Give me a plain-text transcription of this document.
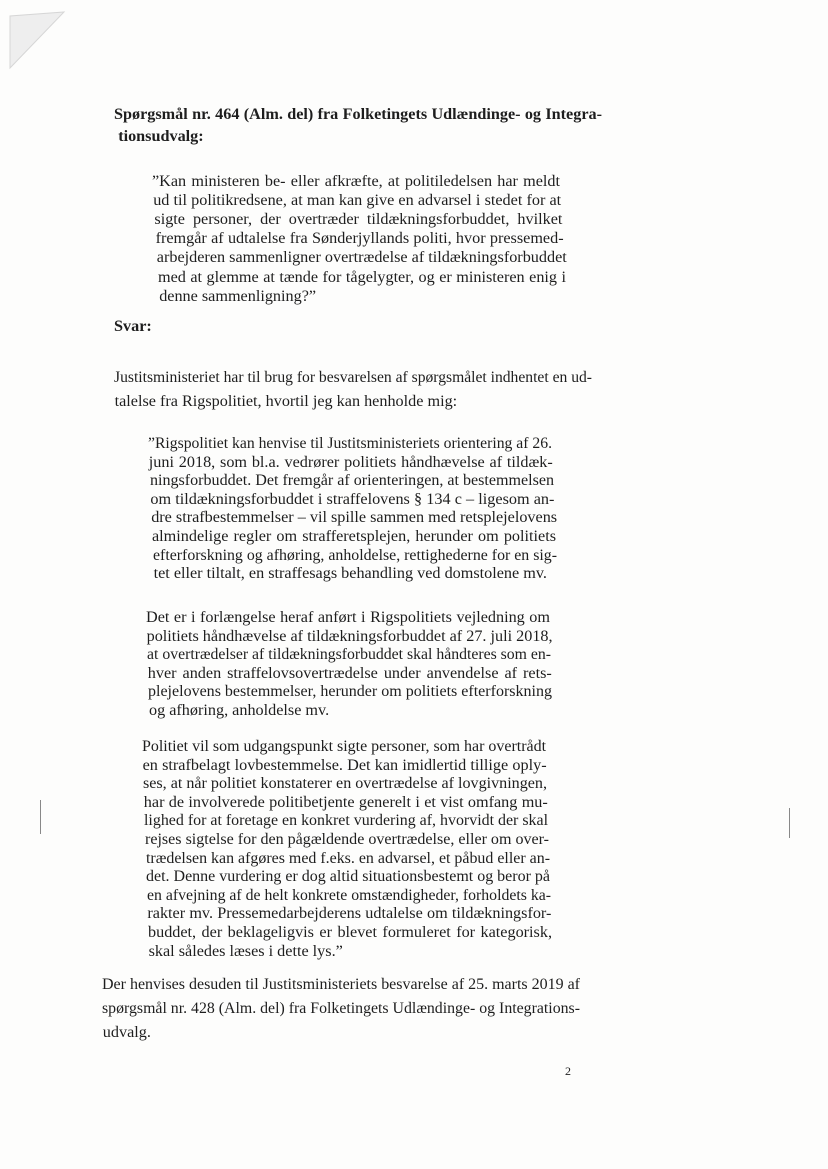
Svar:
Spørgsmål nr. 464 (Alm. del) fra Folketingets Udlændinge- og Integra-
tionsudvalg:
”Kan ministeren be- eller afkræfte, at politiledelsen har meldt
ud til politikredsene, at man kan give en advarsel i stedet for at
sigte personer, der overtræder tildækningsforbuddet, hvilket
fremgår af udtalelse fra Sønderjyllands politi, hvor pressemed-
arbejderen sammenligner overtrædelse af tildækningsforbuddet
med at glemme at tænde for tågelygter, og er ministeren enig i
denne sammenligning?”
Justitsministeriet har til brug for besvarelsen af spørgsmålet indhentet en ud-
talelse fra Rigspolitiet, hvortil jeg kan henholde mig:
”Rigspolitiet kan henvise til Justitsministeriets orientering af 26.
juni 2018, som bl.a. vedrører politiets håndhævelse af tildæk-
ningsforbuddet. Det fremgår af orienteringen, at bestemmelsen
om tildækningsforbuddet i straffelovens § 134 c – ligesom an-
dre strafbestemmelser – vil spille sammen med retsplejelovens
almindelige regler om strafferetsplejen, herunder om politiets
efterforskning og afhøring, anholdelse, rettighederne for en sig-
tet eller tiltalt, en straffesags behandling ved domstolene mv.
Det er i forlængelse heraf anført i Rigspolitiets vejledning om
politiets håndhævelse af tildækningsforbuddet af 27. juli 2018,
at overtrædelser af tildækningsforbuddet skal håndteres som en-
hver anden straffelovsovertrædelse under anvendelse af rets-
plejelovens bestemmelser, herunder om politiets efterforskning
og afhøring, anholdelse mv.
Politiet vil som udgangspunkt sigte personer, som har overtrådt
en strafbelagt lovbestemmelse. Det kan imidlertid tillige oply-
ses, at når politiet konstaterer en overtrædelse af lovgivningen,
har de involverede politibetjente generelt i et vist omfang mu-
lighed for at foretage en konkret vurdering af, hvorvidt der skal
rejses sigtelse for den pågældende overtrædelse, eller om over-
trædelsen kan afgøres med f.eks. en advarsel, et påbud eller an-
det. Denne vurdering er dog altid situationsbestemt og beror på
en afvejning af de helt konkrete omstændigheder, forholdets ka-
rakter mv. Pressemedarbejderens udtalelse om tildækningsfor-
buddet, der beklageligvis er blevet formuleret for kategorisk,
skal således læses i dette lys.”
Der henvises desuden til Justitsministeriets besvarelse af 25. marts 2019 af
spørgsmål nr. 428 (Alm. del) fra Folketingets Udlændinge- og Integrations-
udvalg.
2
